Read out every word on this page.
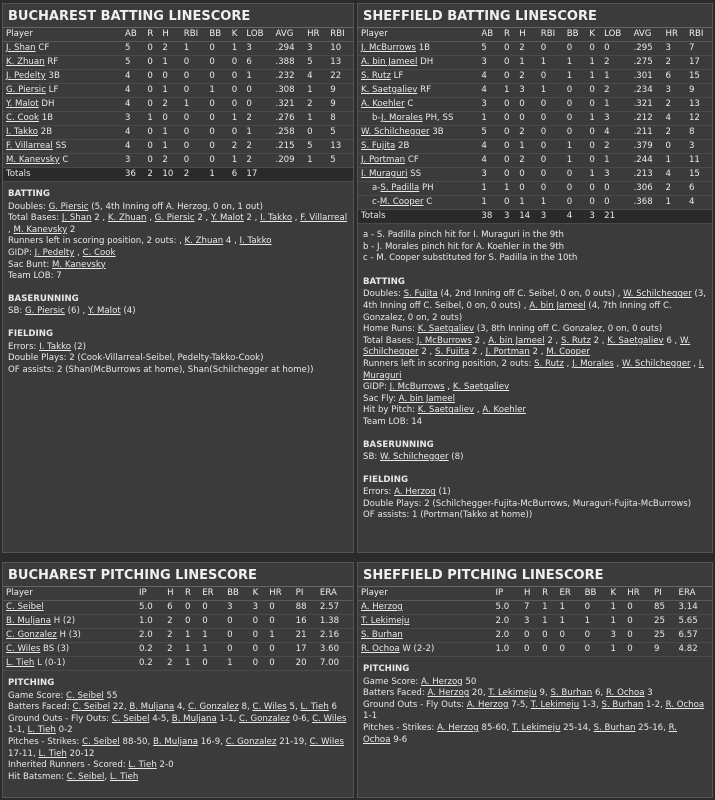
BUCHAREST BATTING LINESCORE
Player	AB	R	H	RBI	BB	K	LOB	AVG	HR	RBI
J. Shan CF	5	0	2	1	0	1	3	.294	3	10
K. Zhuan RF	5	0	1	0	0	0	6	.388	5	13
J. Pedelty 3B	4	0	0	0	0	0	1	.232	4	22
G. Piersic LF	4	0	1	0	1	0	0	.308	1	9
Y. Malot DH	4	0	2	1	0	0	0	.321	2	9
C. Cook 1B	3	1	0	0	0	1	2	.276	1	8
I. Takko 2B	4	0	1	0	0	0	1	.258	0	5
F. Villarreal SS	4	0	1	0	0	2	2	.215	5	13
M. Kanevsky C	3	0	2	0	0	1	2	.209	1	5
Totals	36	2	10	2	1	6	17			
BATTING

Doubles: G. Piersic (5, 4th Inning off A. Herzog, 0 on, 1 out)

Total Bases: J. Shan 2 , K. Zhuan , G. Piersic 2 , Y. Malot 2 , I. Takko , F. Villarreal , M. Kanevsky 2

Runners left in scoring position, 2 outs: , K. Zhuan 4 , I. Takko

GIDP: J. Pedelty , C. Cook

Sac Bunt: M. Kanevsky

Team LOB: 7

BASERUNNING

SB: G. Piersic (6) , Y. Malot (4)

FIELDING

Errors: I. Takko (2)

Double Plays: 2 (Cook-Villarreal-Seibel, Pedelty-Takko-Cook)

OF assists: 2 (Shan(McBurrows at home), Shan(Schilchegger at home))

SHEFFIELD BATTING LINESCORE
Player	AB	R	H	RBI	BB	K	LOB	AVG	HR	RBI
J. McBurrows 1B	5	0	2	0	0	0	0	.295	3	7
A. bin Jameel DH	3	0	1	1	1	1	2	.275	2	17
S. Rutz LF	4	0	2	0	1	1	1	.301	6	15
K. Saetgaliev RF	4	1	3	1	0	0	2	.234	3	9
A. Koehler C	3	0	0	0	0	0	1	.321	2	13
b-J. Morales PH, SS	1	0	0	0	0	1	3	.212	4	12
W. Schilchegger 3B	5	0	2	0	0	0	4	.211	2	8
S. Fujita 2B	4	0	1	0	1	0	2	.379	0	3
J. Portman CF	4	0	2	0	1	0	1	.244	1	11
I. Muraguri SS	3	0	0	0	0	1	3	.213	4	15
a-S. Padilla PH	1	1	0	0	0	0	0	.306	2	6
c-M. Cooper C	1	0	1	1	0	0	0	.368	1	4
Totals	38	3	14	3	4	3	21			

a - S. Padilla pinch hit for I. Muraguri in the 9th

b - J. Morales pinch hit for A. Koehler in the 9th

c - M. Cooper substituted for S. Padilla in the 10th

BATTING

Doubles: S. Fujita (4, 2nd Inning off C. Seibel, 0 on, 0 outs) , W. Schilchegger (3, 4th Inning off C. Seibel, 0 on, 0 outs) , A. bin Jameel (4, 7th Inning off C. Gonzalez, 0 on, 2 outs)

Home Runs: K. Saetgaliev (3, 8th Inning off C. Gonzalez, 0 on, 0 outs)

Total Bases: J. McBurrows 2 , A. bin Jameel 2 , S. Rutz 2 , K. Saetgaliev 6 , W. Schilchegger 2 , S. Fujita 2 , J. Portman 2 , M. Cooper

Runners left in scoring position, 2 outs: S. Rutz , J. Morales , W. Schilchegger , I. Muraguri

GIDP: J. McBurrows , K. Saetgaliev

Sac Fly: A. bin Jameel

Hit by Pitch: K. Saetgaliev , A. Koehler

Team LOB: 14

BASERUNNING

SB: W. Schilchegger (8)

FIELDING

Errors: A. Herzog (1)

Double Plays: 2 (Schilchegger-Fujita-McBurrows, Muraguri-Fujita-McBurrows)

OF assists: 1 (Portman(Takko at home))

BUCHAREST PITCHING LINESCORE
Player	IP	H	R	ER	BB	K	HR	PI	ERA
C. Seibel	5.0	6	0	0	3	3	0	88	2.57
B. Muljana H (2)	1.0	2	0	0	0	0	0	16	1.38
C. Gonzalez H (3)	2.0	2	1	1	0	0	1	21	2.16
C. Wiles BS (3)	0.2	2	1	1	0	0	0	17	3.60
L. Tieh L (0-1)	0.2	2	1	0	1	0	0	20	7.00
PITCHING

Game Score: C. Seibel 55

Batters Faced: C. Seibel 22, B. Muljana 4, C. Gonzalez 8, C. Wiles 5, L. Tieh 6

Ground Outs - Fly Outs: C. Seibel 4-5, B. Muljana 1-1, C. Gonzalez 0-6, C. Wiles 1-1, L. Tieh 0-2

Pitches - Strikes: C. Seibel 88-50, B. Muljana 16-9, C. Gonzalez 21-19, C. Wiles 17-11, L. Tieh 20-12

Inherited Runners - Scored: L. Tieh 2-0

Hit Batsmen: C. Seibel, L. Tieh

SHEFFIELD PITCHING LINESCORE
Player	IP	H	R	ER	BB	K	HR	PI	ERA
A. Herzog	5.0	7	1	1	0	1	0	85	3.14
T. Lekimeju	2.0	3	1	1	1	1	0	25	5.65
S. Burhan	2.0	0	0	0	0	3	0	25	6.57
R. Ochoa W (2-2)	1.0	0	0	0	0	1	0	9	4.82
PITCHING

Game Score: A. Herzog 50

Batters Faced: A. Herzog 20, T. Lekimeju 9, S. Burhan 6, R. Ochoa 3

Ground Outs - Fly Outs: A. Herzog 7-5, T. Lekimeju 1-3, S. Burhan 1-2, R. Ochoa 1-1

Pitches - Strikes: A. Herzog 85-60, T. Lekimeju 25-14, S. Burhan 25-16, R. Ochoa 9-6
